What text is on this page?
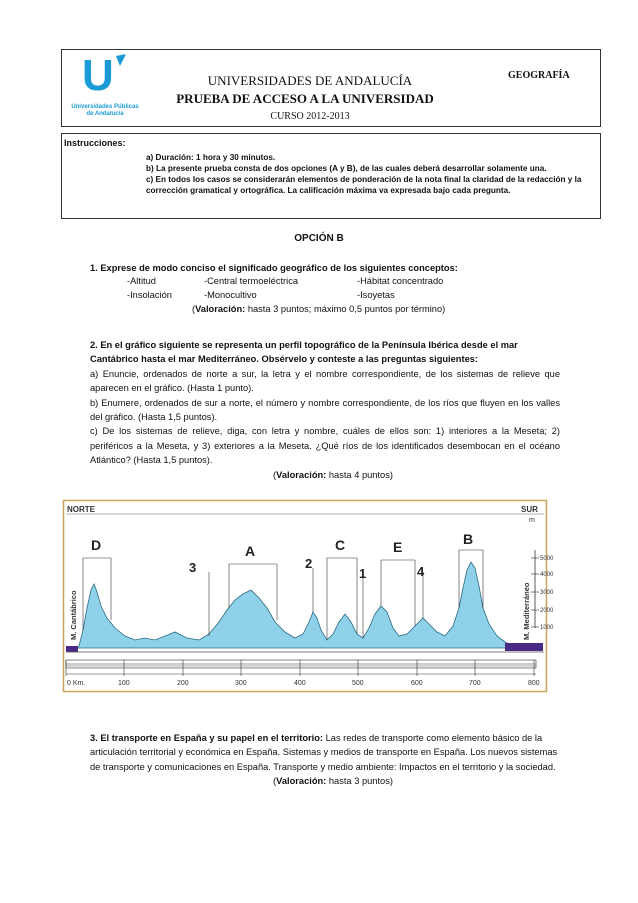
U
Universidades Públicas
de Andalucía
UNIVERSIDADES DE ANDALUCÍA
PRUEBA DE ACCESO A LA UNIVERSIDAD
CURSO 2012-2013
GEOGRAFÍA
Instrucciones:

a) Duración: 1 hora y 30 minutos.

b) La presente prueba consta de dos opciones (A y B), de las cuales deberá desarrollar solamente una.

c) En todos los casos se considerarán elementos de ponderación de la nota final la claridad de la redacción y la corrección gramatical y ortográfica. La calificación máxima va expresada bajo cada pregunta.

OPCIÓN B
1. Exprese de modo conciso el significado geográfico de los siguientes conceptos:
-Altitud	-Central termoeléctrica	-Hábitat concentrado
-Insolación	-Monocultivo	-Isoyetas
(Valoración: hasta 3 puntos; máximo 0,5 puntos por término)

2. En el gráfico siguiente se representa un perfil topográfico de la Península Ibérica desde el mar Cantábrico hasta el mar Mediterráneo. Obsérvelo y conteste a las preguntas siguientes:

a) Enuncie, ordenados de norte a sur, la letra y el nombre correspondiente, de los sistemas de relieve que aparecen en el gráfico. (Hasta 1 punto).

b) Enumere, ordenados de sur a norte, el número y nombre correspondiente, de los ríos que fluyen en los valles del gráfico. (Hasta 1,5 puntos).

c) De los sistemas de relieve, diga, con letra y nombre, cuáles de ellos son: 1) interiores a la Meseta; 2) periféricos a la Meseta, y 3) exteriores a la Meseta. ¿Qué ríos de los identificados desembocan en el océano Atlántico? (Hasta 1,5 puntos).

(Valoración: hasta 4 puntos)

NORTE	SUR
m
5000
4000
3000
2000
1000
M. Cantábrico	M. Mediterráneo
D	A	C	E	B
3	2
1	4
0 Km.	100	200	300	400	500	600	700	800

3. El transporte en España y su papel en el territorio: Las redes de transporte como elemento básico de la articulación territorial y económica en España. Sistemas y medios de transporte en España. Los nuevos sistemas de transporte y comunicaciones en España. Transporte y medio ambiente: Impactos en el territorio y la sociedad.

(Valoración: hasta 3 puntos)
